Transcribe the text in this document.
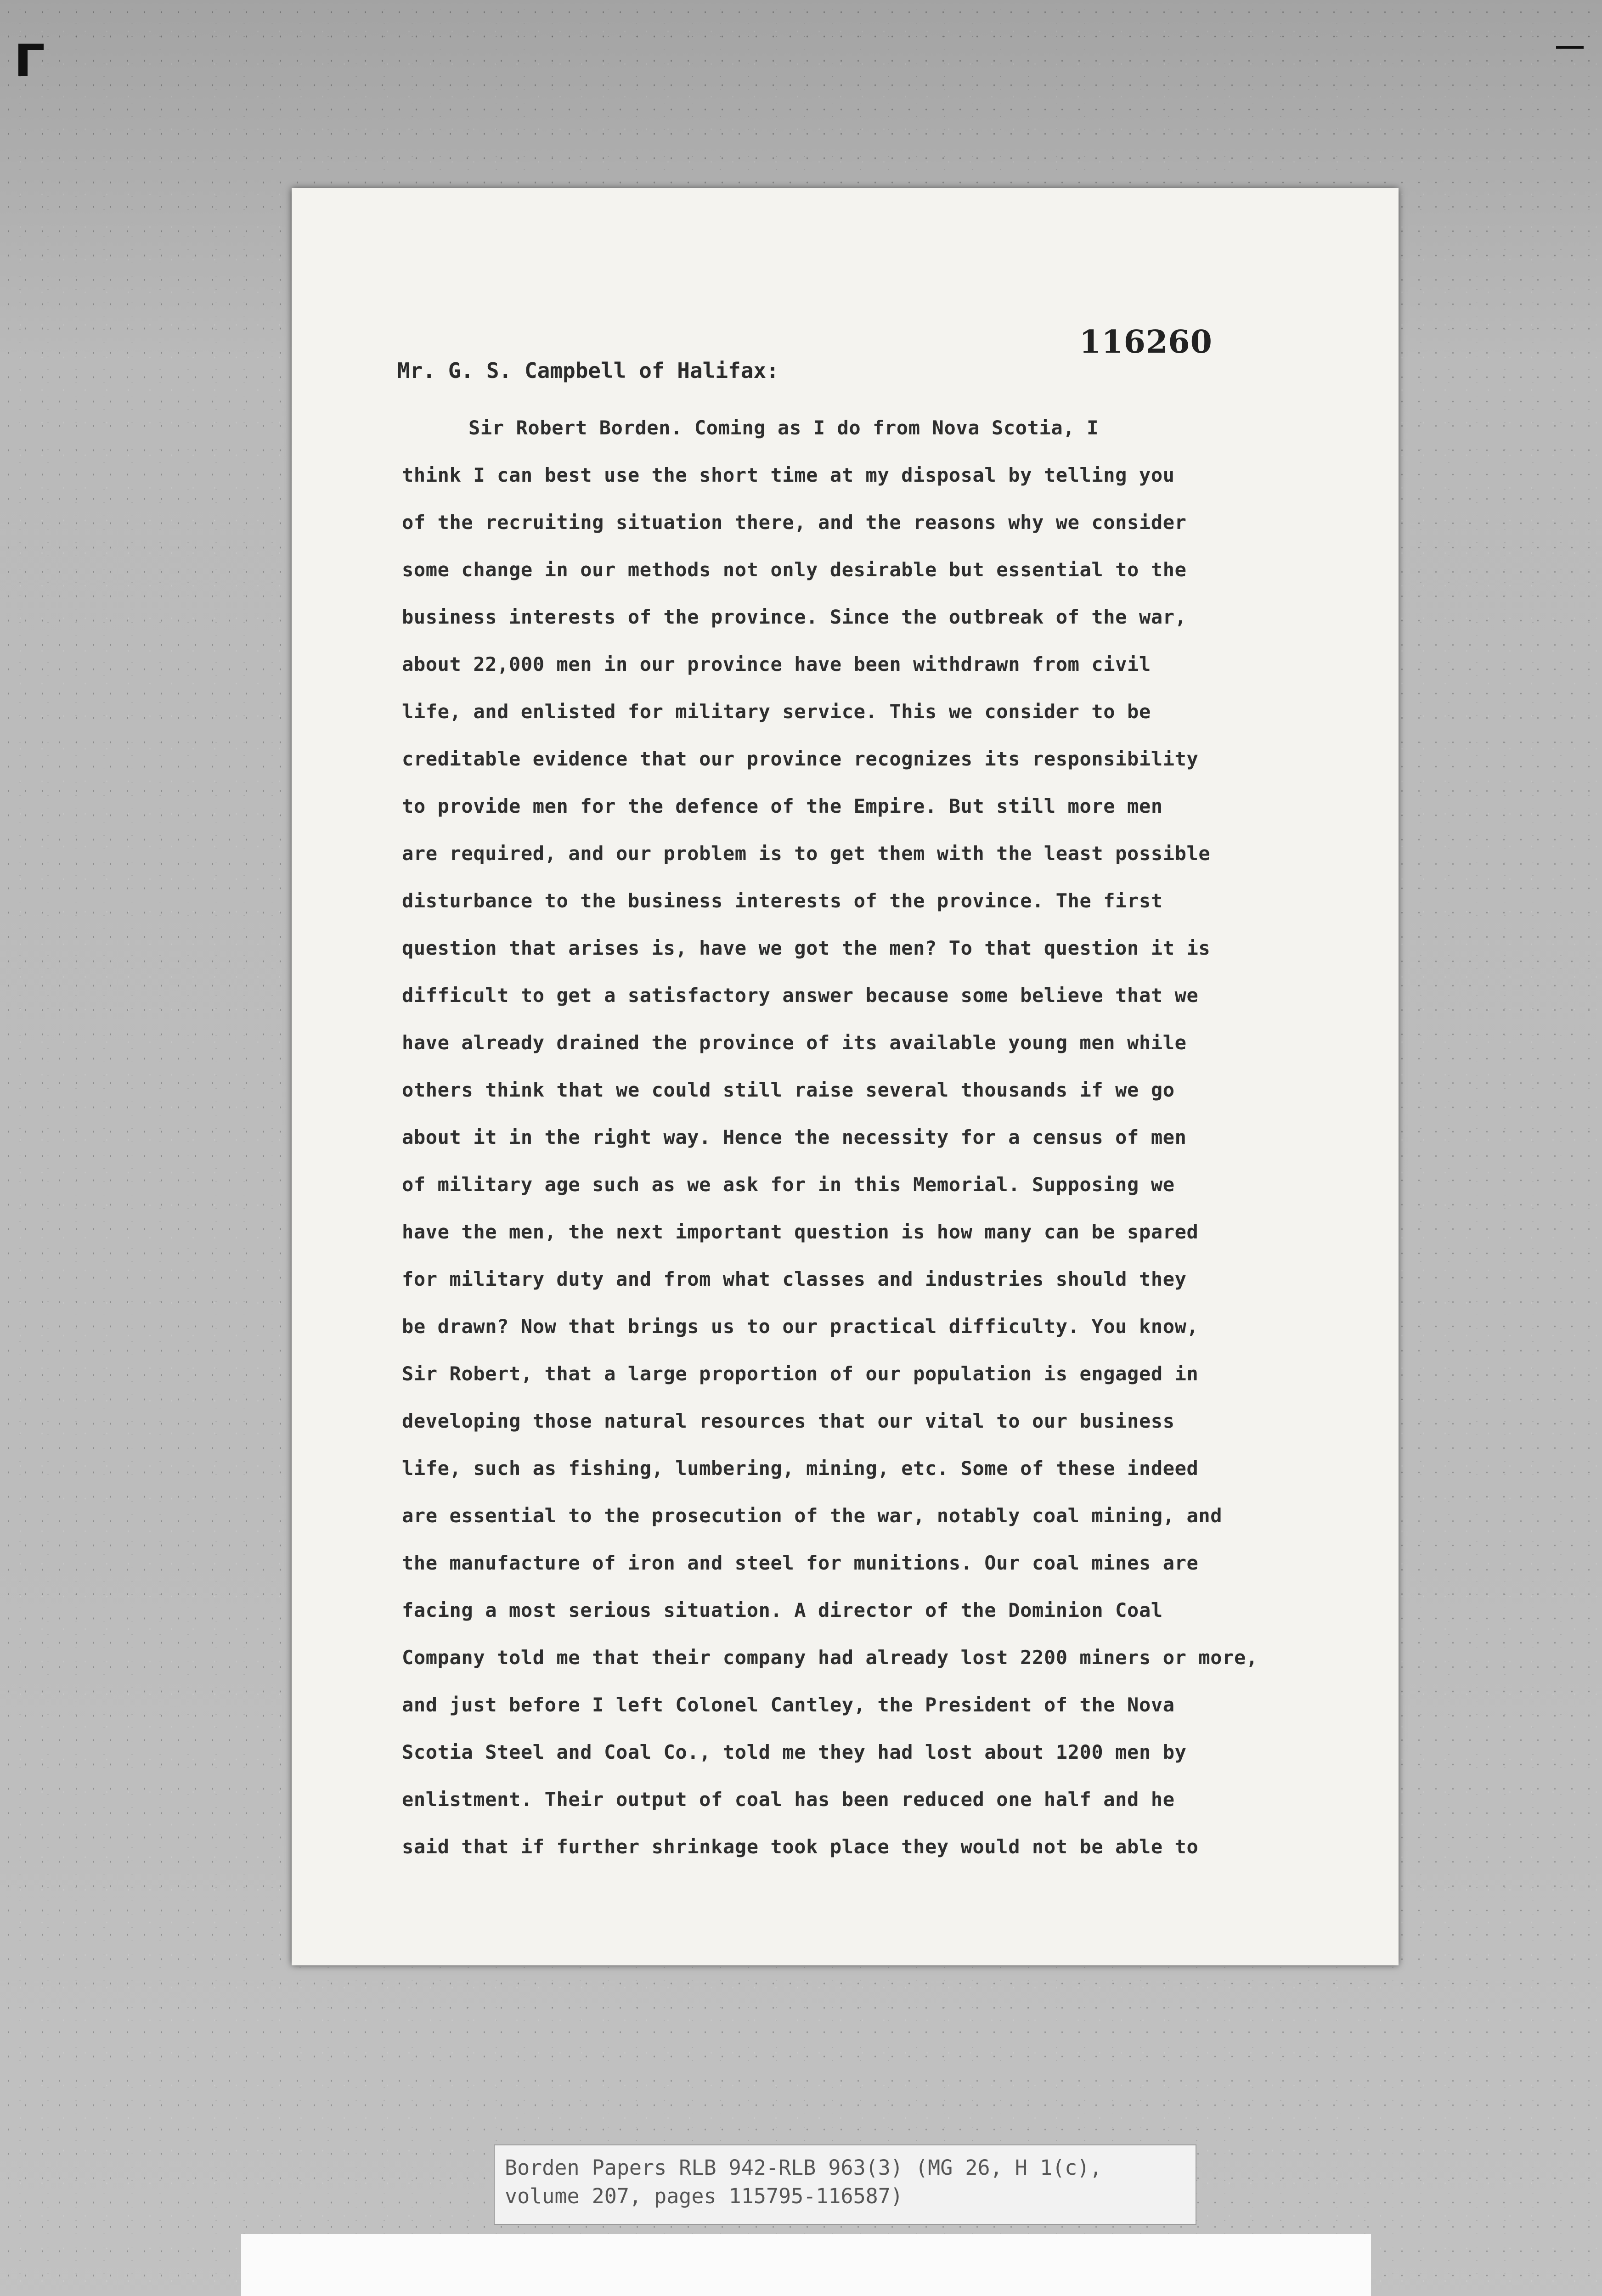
116260
Mr. G. S. Campbell of Halifax:
Sir Robert Borden. Coming as I do from Nova Scotia, I
think I can best use the short time at my disposal by telling you
of the recruiting situation there, and the reasons why we consider
some change in our methods not only desirable but essential to the
business interests of the province. Since the outbreak of the war,
about 22,000 men in our province have been withdrawn from civil
life, and enlisted for military service. This we consider to be
creditable evidence that our province recognizes its responsibility
to provide men for the defence of the Empire. But still more men
are required, and our problem is to get them with the least possible
disturbance to the business interests of the province. The first
question that arises is, have we got the men? To that question it is
difficult to get a satisfactory answer because some believe that we
have already drained the province of its available young men while
others think that we could still raise several thousands if we go
about it in the right way. Hence the necessity for a census of men
of military age such as we ask for in this Memorial. Supposing we
have the men, the next important question is how many can be spared
for military duty and from what classes and industries should they
be drawn? Now that brings us to our practical difficulty. You know,
Sir Robert, that a large proportion of our population is engaged in
developing those natural resources that our vital to our business
life, such as fishing, lumbering, mining, etc. Some of these indeed
are essential to the prosecution of the war, notably coal mining, and
the manufacture of iron and steel for munitions. Our coal mines are
facing a most serious situation. A director of the Dominion Coal
Company told me that their company had already lost 2200 miners or more,
and just before I left Colonel Cantley, the President of the Nova
Scotia Steel and Coal Co., told me they had lost about 1200 men by
enlistment. Their output of coal has been reduced one half and he
said that if further shrinkage took place they would not be able to
Borden Papers RLB 942-RLB 963(3) (MG 26, H 1(c),
volume 207, pages 115795-116587)
